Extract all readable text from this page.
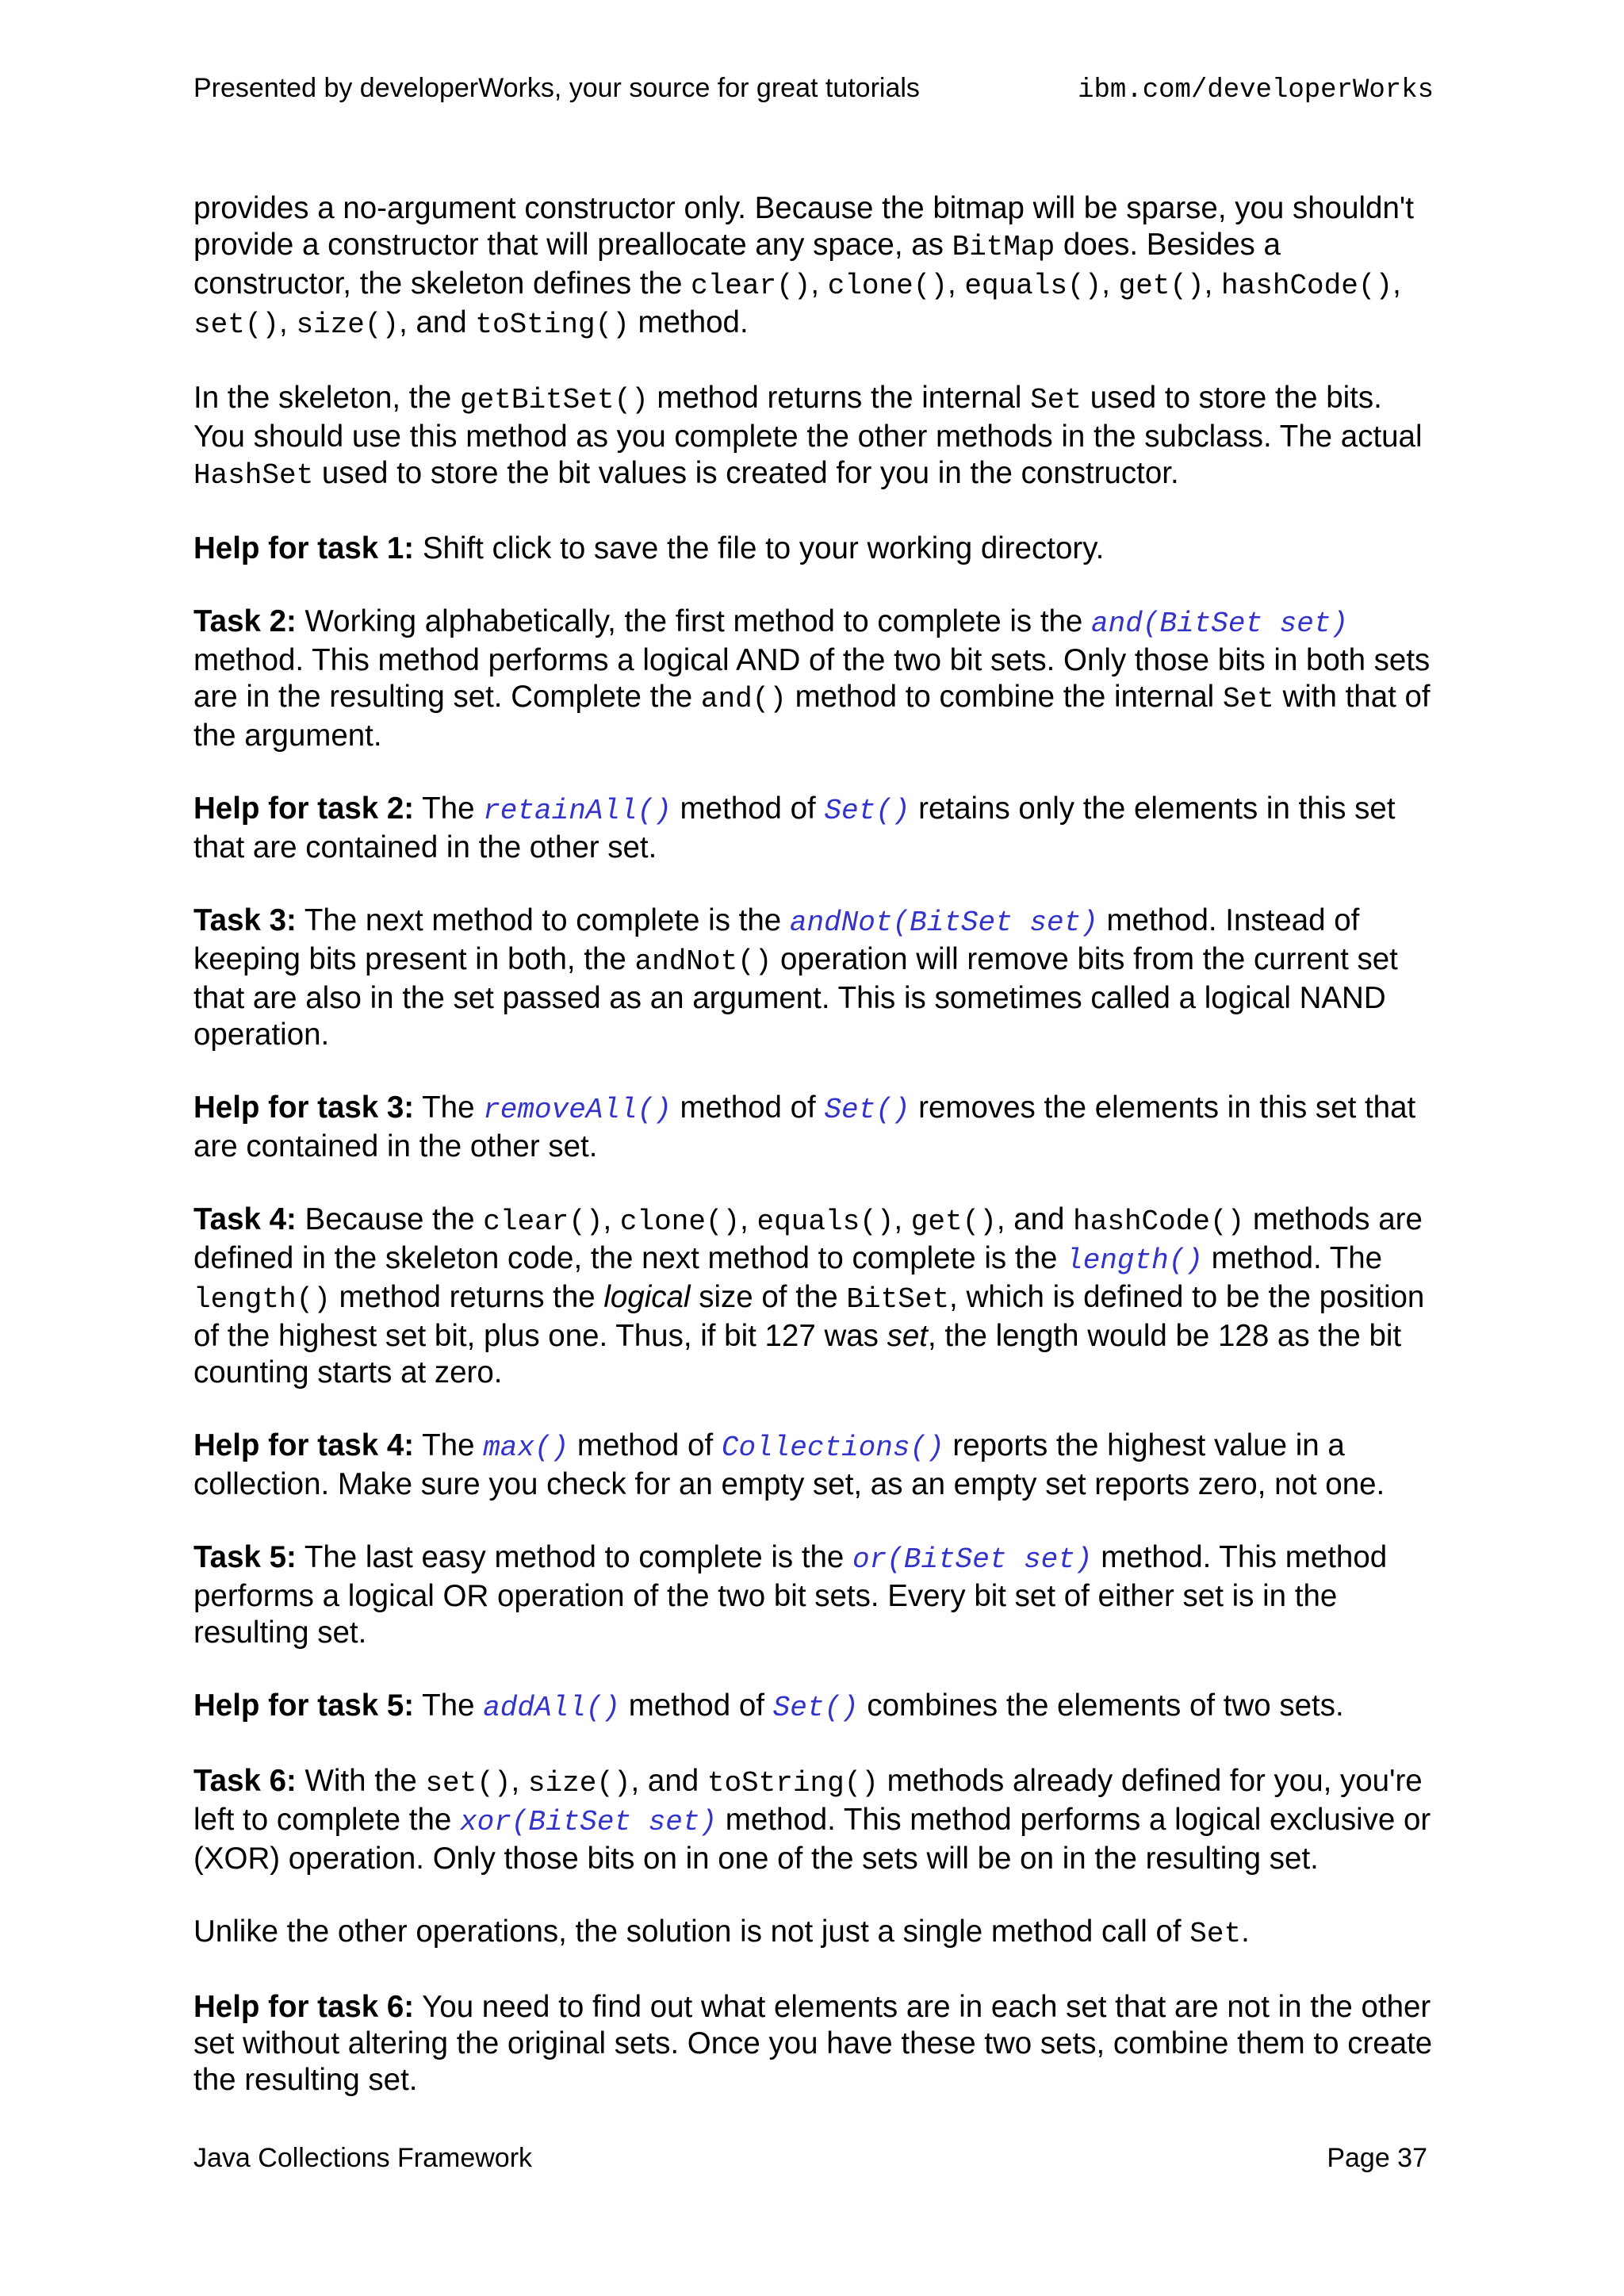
Presented by developerWorks, your source for great tutorials	ibm.com/developerWorks

provides a no-argument constructor only. Because the bitmap will be sparse, you shouldn't provide a constructor that will preallocate any space, as BitMap does. Besides a constructor, the skeleton defines the clear(), clone(), equals(), get(), hashCode(), set(), size(), and toSting() method.

In the skeleton, the getBitSet() method returns the internal Set used to store the bits. You should use this method as you complete the other methods in the subclass. The actual HashSet used to store the bit values is created for you in the constructor.

Help for task 1: Shift click to save the file to your working directory.

Task 2: Working alphabetically, the first method to complete is the and(BitSet set) method. This method performs a logical AND of the two bit sets. Only those bits in both sets are in the resulting set. Complete the and() method to combine the internal Set with that of the argument.

Help for task 2: The retainAll() method of Set() retains only the elements in this set that are contained in the other set.

Task 3: The next method to complete is the andNot(BitSet set) method. Instead of keeping bits present in both, the andNot() operation will remove bits from the current set that are also in the set passed as an argument. This is sometimes called a logical NAND operation.

Help for task 3: The removeAll() method of Set() removes the elements in this set that are contained in the other set.

Task 4: Because the clear(), clone(), equals(), get(), and hashCode() methods are defined in the skeleton code, the next method to complete is the length() method. The length() method returns the logical size of the BitSet, which is defined to be the position of the highest set bit, plus one. Thus, if bit 127 was set, the length would be 128 as the bit counting starts at zero.

Help for task 4: The max() method of Collections() reports the highest value in a collection. Make sure you check for an empty set, as an empty set reports zero, not one.

Task 5: The last easy method to complete is the or(BitSet set) method. This method performs a logical OR operation of the two bit sets. Every bit set of either set is in the resulting set.

Help for task 5: The addAll() method of Set() combines the elements of two sets.

Task 6: With the set(), size(), and toString() methods already defined for you, you're left to complete the xor(BitSet set) method. This method performs a logical exclusive or (XOR) operation. Only those bits on in one of the sets will be on in the resulting set.

Unlike the other operations, the solution is not just a single method call of Set.

Help for task 6: You need to find out what elements are in each set that are not in the other set without altering the original sets. Once you have these two sets, combine them to create the resulting set.

Java Collections Framework	Page 37
